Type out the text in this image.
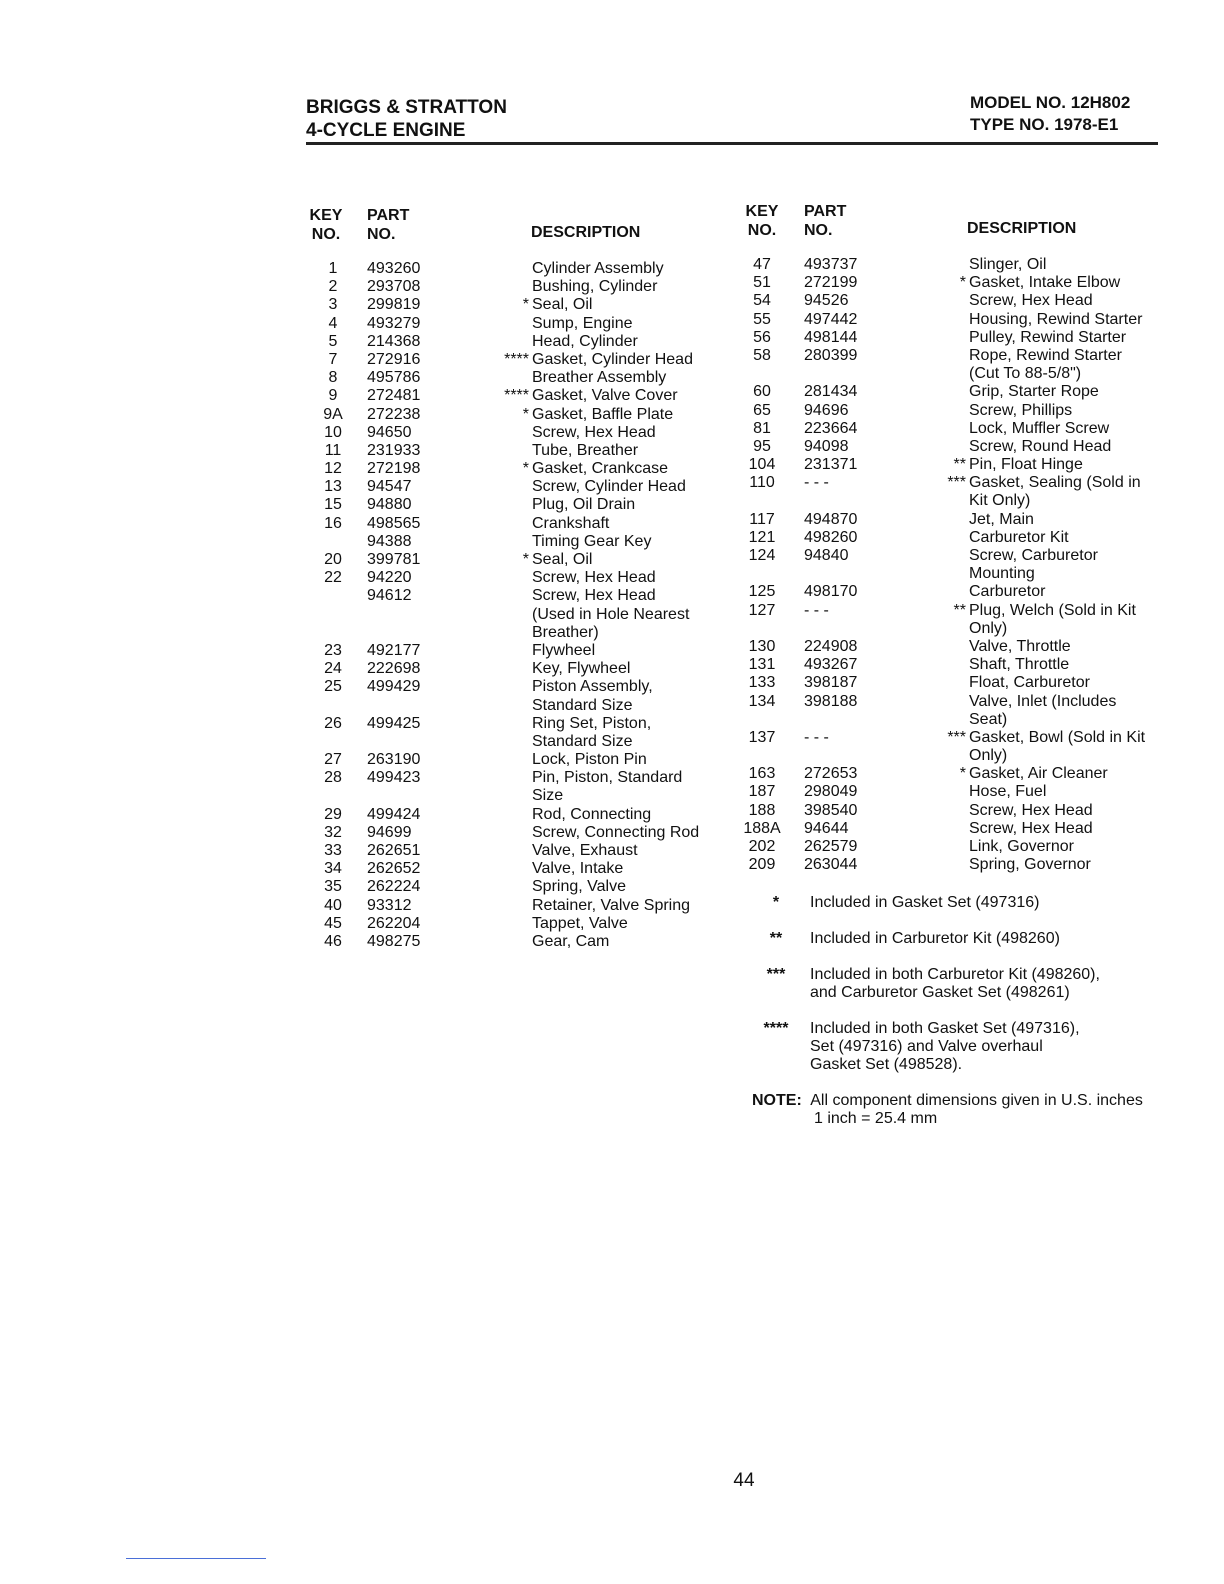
BRIGGS & STRATTON
4-CYCLE ENGINE
MODEL NO. 12H802
TYPE NO. 1978-E1
KEY
NO.
PART
NO.	DESCRIPTION
KEY
NO.
PART
NO.	DESCRIPTION
1	493260	Cylinder Assembly
2	293708	Bushing, Cylinder
3	299819	* Seal, Oil
4	493279	Sump, Engine
5	214368	Head, Cylinder
7	272916	**** Gasket, Cylinder Head
8	495786	Breather Assembly
9	272481	**** Gasket, Valve Cover
9A	272238	* Gasket, Baffle Plate
10	94650	Screw, Hex Head
11	231933	Tube, Breather
12	272198	* Gasket, Crankcase
13	94547	Screw, Cylinder Head
15	94880	Plug, Oil Drain
16	498565	Crankshaft
94388	Timing Gear Key
20	399781	* Seal, Oil
22	94220	Screw, Hex Head
94612	Screw, Hex Head
(Used in Hole Nearest
Breather)
23	492177	Flywheel
24	222698	Key, Flywheel
25	499429	Piston Assembly,
Standard Size
26	499425	Ring Set, Piston,
Standard Size
27	263190	Lock, Piston Pin
28	499423	Pin, Piston, Standard
Size
29	499424	Rod, Connecting
32	94699	Screw, Connecting Rod
33	262651	Valve, Exhaust
34	262652	Valve, Intake
35	262224	Spring, Valve
40	93312	Retainer, Valve Spring
45	262204	Tappet, Valve
46	498275	Gear, Cam
47	493737	Slinger, Oil
51	272199	* Gasket, Intake Elbow
54	94526	Screw, Hex Head
55	497442	Housing, Rewind Starter
56	498144	Pulley, Rewind Starter
58	280399	Rope, Rewind Starter
(Cut To 88-5/8")
60	281434	Grip, Starter Rope
65	94696	Screw, Phillips
81	223664	Lock, Muffler Screw
95	94098	Screw, Round Head
104	231371	** Pin, Float Hinge
110	- - -	*** Gasket, Sealing (Sold in
Kit Only)
117	494870	Jet, Main
121	498260	Carburetor Kit
124	94840	Screw, Carburetor
Mounting
125	498170	Carburetor
127	- - -	** Plug, Welch (Sold in Kit
Only)
130	224908	Valve, Throttle
131	493267	Shaft, Throttle
133	398187	Float, Carburetor
134	398188	Valve, Inlet (Includes
Seat)
137	- - -	*** Gasket, Bowl (Sold in Kit
Only)
163	272653	* Gasket, Air Cleaner
187	298049	Hose, Fuel
188	398540	Screw, Hex Head
188A 94644	Screw, Hex Head
202	262579	Link, Governor
209	263044	Spring, Governor
*	Included in Gasket Set (497316)
**	Included in Carburetor Kit (498260)
***	Included in both Carburetor Kit (498260),
and Carburetor Gasket Set (498261)
****	Included in both Gasket Set (497316),
Set (497316) and Valve overhaul
Gasket Set (498528).
NOTE: All component dimensions given in U.S. inches
1 inch = 25.4 mm
44
